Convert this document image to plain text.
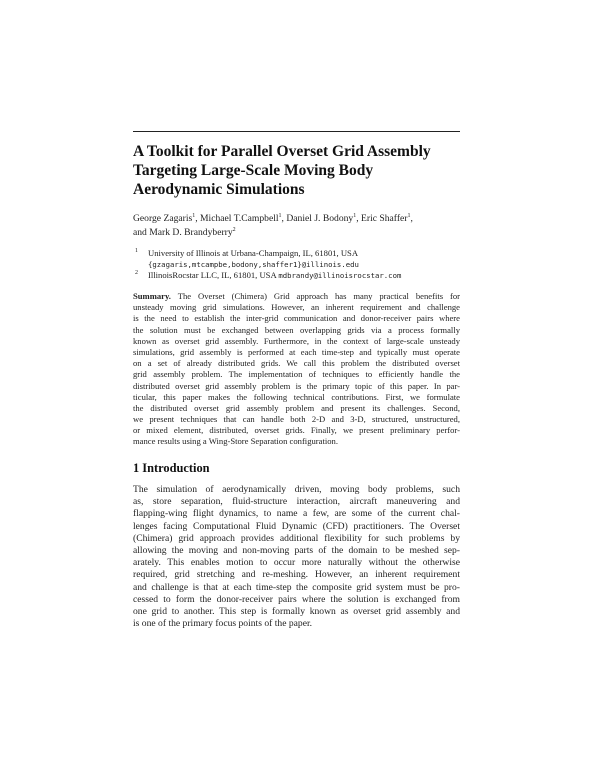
A Toolkit for Parallel Overset Grid Assembly
Targeting Large-Scale Moving Body
Aerodynamic Simulations
George Zagaris$^1$, Michael T.Campbell$^1$, Daniel J. Bodony$^1$, Eric Shaffer$^1$,
and Mark D. Brandyberry$^2$
1 University of Illinois at Urbana-Champaign, IL, 61801, USA
{gzagaris,mtcampbe,bodony,shaffer1}@illinois.edu
2 IllinoisRocstar LLC, IL, 61801, USA mdbrandy@illinoisrocstar.com
Summary. The Overset (Chimera) Grid approach has many practical benefits for
unsteady moving grid simulations. However, an inherent requirement and challenge
is the need to establish the inter-grid communication and donor-receiver pairs where
the solution must be exchanged between overlapping grids via a process formally
known as overset grid assembly. Furthermore, in the context of large-scale unsteady
simulations, grid assembly is performed at each time-step and typically must operate
on a set of already distributed grids. We call this problem the distributed overset
grid assembly problem. The implementation of techniques to efficiently handle the
distributed overset grid assembly problem is the primary topic of this paper. In par-
ticular, this paper makes the following technical contributions. First, we formulate
the distributed overset grid assembly problem and present its challenges. Second,
we present techniques that can handle both 2-D and 3-D, structured, unstructured,
or mixed element, distributed, overset grids. Finally, we present preliminary perfor-
mance results using a Wing-Store Separation configuration.
1 Introduction
The simulation of aerodynamically driven, moving body problems, such
as, store separation, fluid-structure interaction, aircraft maneuvering and
flapping-wing flight dynamics, to name a few, are some of the current chal-
lenges facing Computational Fluid Dynamic (CFD) practitioners. The Overset
(Chimera) grid approach provides additional flexibility for such problems by
allowing the moving and non-moving parts of the domain to be meshed sep-
arately. This enables motion to occur more naturally without the otherwise
required, grid stretching and re-meshing. However, an inherent requirement
and challenge is that at each time-step the composite grid system must be pro-
cessed to form the donor-receiver pairs where the solution is exchanged from
one grid to another. This step is formally known as overset grid assembly and
is one of the primary focus points of the paper.
